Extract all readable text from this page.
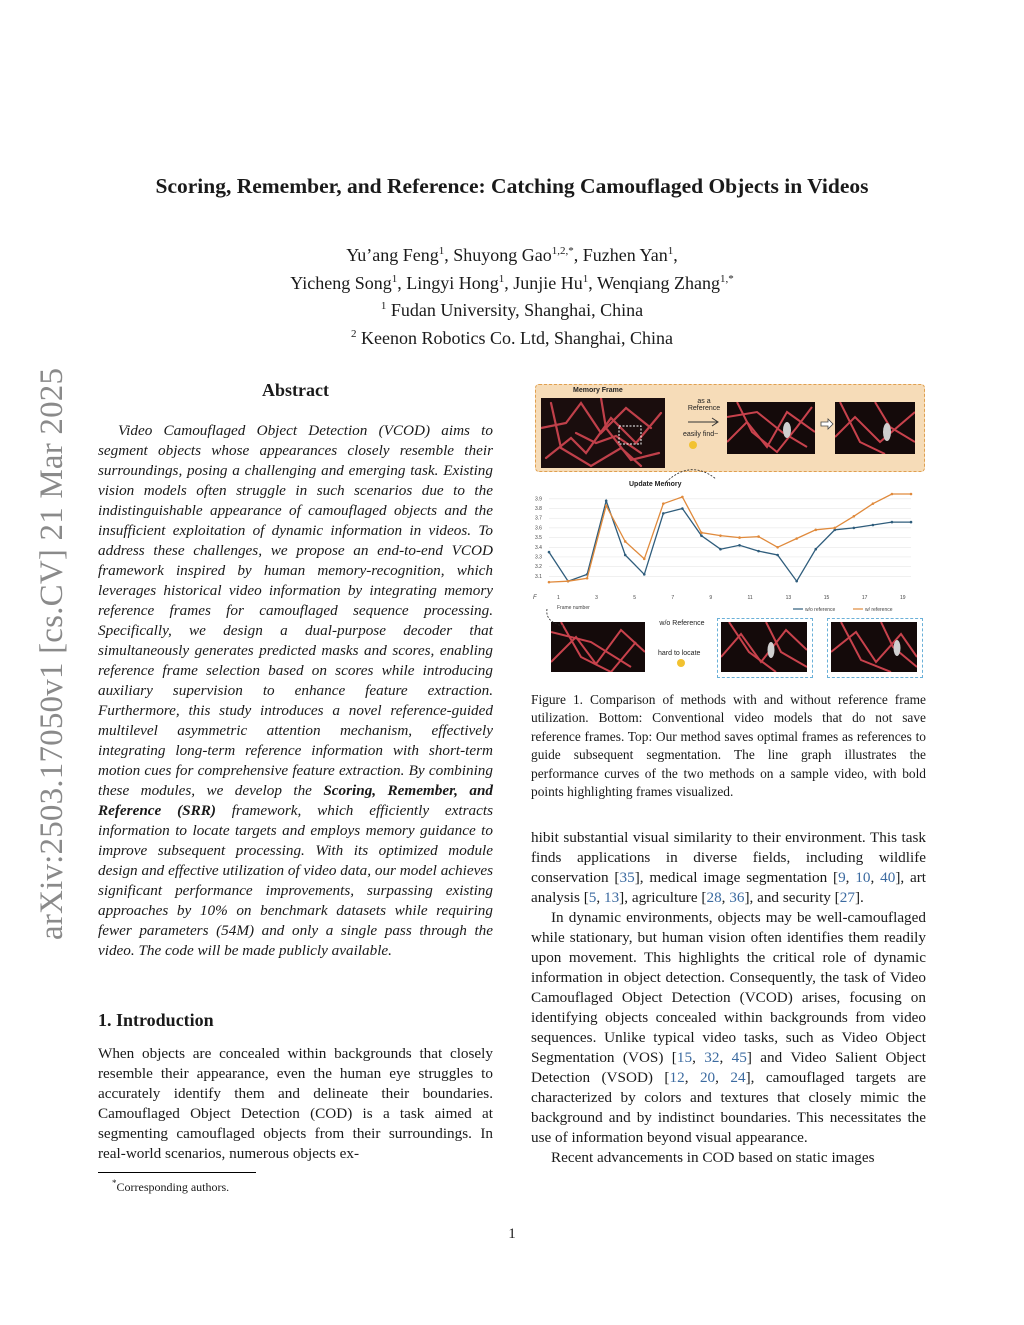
arXiv:2503.17050v1 [cs.CV] 21 Mar 2025
Scoring, Remember, and Reference: Catching Camouflaged Objects in Videos
Yu’ang Feng$^1$, Shuyong Gao$^{1,2,*}$, Fuzhen Yan$^1$,
Yicheng Song$^1$, Lingyi Hong$^1$, Junjie Hu$^1$, Wenqiang Zhang$^{1,*}$
$^1$ Fudan University, Shanghai, China
$^2$ Keenon Robotics Co. Ltd, Shanghai, China
Abstract
Video Camouflaged Object Detection (VCOD) aims to segment objects whose appearances closely resemble their surroundings, posing a challenging and emerging task. Existing vision models often struggle in such scenarios due to the indistinguishable appearance of camouflaged objects and the insufficient exploitation of dynamic information in videos. To address these challenges, we propose an end-to-end VCOD framework inspired by human memory-recognition, which leverages historical video information by integrating memory reference frames for camouflaged sequence processing. Specifically, we design a dual-purpose decoder that simultaneously generates predicted masks and scores, enabling reference frame selection based on scores while introducing auxiliary supervision to enhance feature extraction. Furthermore, this study introduces a novel reference-guided multilevel asymmetric attention mechanism, effectively integrating long-term reference information with short-term motion cues for comprehensive feature extraction. By combining these modules, we develop the Scoring, Remember, and Reference (SRR) framework, which efficiently extracts information to locate targets and employs memory guidance to improve subsequent processing. With its optimized module design and effective utilization of video data, our model achieves significant performance improvements, surpassing existing approaches by 10% on benchmark datasets while requiring fewer parameters (54M) and only a single pass through the video. The code will be made publicly available.
1. Introduction
When objects are concealed within backgrounds that closely resemble their appearance, even the human eye struggles to accurately identify them and delineate their boundaries. Camouflaged Object Detection (COD) is a task aimed at segmenting camouflaged objects from their surroundings. In real-world scenarios, numerous objects ex-
*Corresponding authors.
1
Memory Frame
as a Reference
easily find~
Update Memory
3.1
3.2
3.3
3.4
3.5
3.6
3.7
3.8
3.9
1	3	5	7	9	11	13	15	17	19
Frame number
F
w/o reference	w/ reference
w/o Reference
hard to locate
Figure 1. Comparison of methods with and without reference frame utilization. Bottom: Conventional video models that do not save reference frames. Top: Our method saves optimal frames as references to guide subsequent segmentation. The line graph illustrates the performance curves of the two methods on a sample video, with bold points highlighting frames visualized.

hibit substantial visual similarity to their environment. This task finds applications in diverse fields, including wildlife conservation [35], medical image segmentation [9, 10, 40], art analysis [5, 13], agriculture [28, 36], and security [27].

In dynamic environments, objects may be well-camouflaged while stationary, but human vision often identifies them readily upon movement. This highlights the critical role of dynamic information in object detection. Consequently, the task of Video Camouflaged Object Detection (VCOD) arises, focusing on identifying objects concealed within backgrounds from video sequences. Unlike typical video tasks, such as Video Object Segmentation (VOS) [15, 32, 45] and Video Salient Object Detection (VSOD) [12, 20, 24], camouflaged targets are characterized by colors and textures that closely mimic the background and by indistinct boundaries. This necessitates the use of information beyond visual appearance.

Recent advancements in COD based on static images
